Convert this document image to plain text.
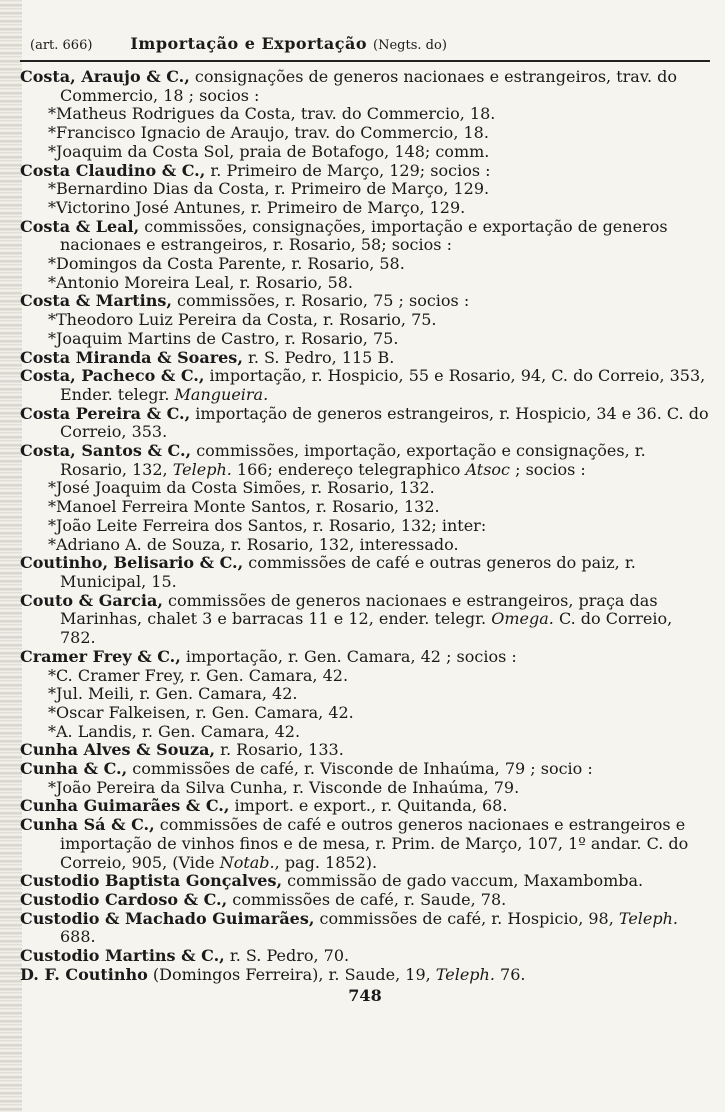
(art. 666) Importação e Exportação (Negts. do)

Costa, Araujo & C., consignações de generos nacionaes e estrangeiros, trav. do Commercio, 18 ; socios :

*Matheus Rodrigues da Costa, trav. do Commercio, 18.

*Francisco Ignacio de Araujo, trav. do Commercio, 18.

*Joaquim da Costa Sol, praia de Botafogo, 148; comm.

Costa Claudino & C., r. Primeiro de Março, 129; socios :

*Bernardino Dias da Costa, r. Primeiro de Março, 129.

*Victorino José Antunes, r. Primeiro de Março, 129.

Costa & Leal, commissões, consignações, importação e exportação de generos nacionaes e estrangeiros, r. Rosario, 58; socios :

*Domingos da Costa Parente, r. Rosario, 58.

*Antonio Moreira Leal, r. Rosario, 58.

Costa & Martins, commissões, r. Rosario, 75 ; socios :

*Theodoro Luiz Pereira da Costa, r. Rosario, 75.

*Joaquim Martins de Castro, r. Rosario, 75.

Costa Miranda & Soares, r. S. Pedro, 115 B.

Costa, Pacheco & C., importação, r. Hospicio, 55 e Rosario, 94, C. do Correio, 353, Ender. telegr. Mangueira.

Costa Pereira & C., importação de generos estrangeiros, r. Hospicio, 34 e 36. C. do Correio, 353.

Costa, Santos & C., commissões, importação, exportação e consignações, r. Rosario, 132, Teleph. 166; endereço telegraphico Atsoc ; socios :

*José Joaquim da Costa Simões, r. Rosario, 132.

*Manoel Ferreira Monte Santos, r. Rosario, 132.

*João Leite Ferreira dos Santos, r. Rosario, 132; inter:

*Adriano A. de Souza, r. Rosario, 132, interessado.

Coutinho, Belisario & C., commissões de café e outras generos do paiz, r. Municipal, 15.

Couto & Garcia, commissões de generos nacionaes e estrangeiros, praça das Marinhas, chalet 3 e barracas 11 e 12, ender. telegr. Omega. C. do Correio, 782.

Cramer Frey & C., importação, r. Gen. Camara, 42 ; socios :

*C. Cramer Frey, r. Gen. Camara, 42.

*Jul. Meili, r. Gen. Camara, 42.

*Oscar Falkeisen, r. Gen. Camara, 42.

*A. Landis, r. Gen. Camara, 42.

Cunha Alves & Souza, r. Rosario, 133.

Cunha & C., commissões de café, r. Visconde de Inhaúma, 79 ; socio :

*João Pereira da Silva Cunha, r. Visconde de Inhaúma, 79.

Cunha Guimarães & C., import. e export., r. Quitanda, 68.

Cunha Sá & C., commissões de café e outros generos nacionaes e estrangeiros e importação de vinhos finos e de mesa, r. Prim. de Março, 107, 1º andar. C. do Correio, 905, (Vide Notab., pag. 1852).

Custodio Baptista Gonçalves, commissão de gado vaccum, Maxambomba.

Custodio Cardoso & C., commissões de café, r. Saude, 78.

Custodio & Machado Guimarães, commissões de café, r. Hospicio, 98, Teleph. 688.

Custodio Martins & C., r. S. Pedro, 70.

D. F. Coutinho (Domingos Ferreira), r. Saude, 19, Teleph. 76.

748
